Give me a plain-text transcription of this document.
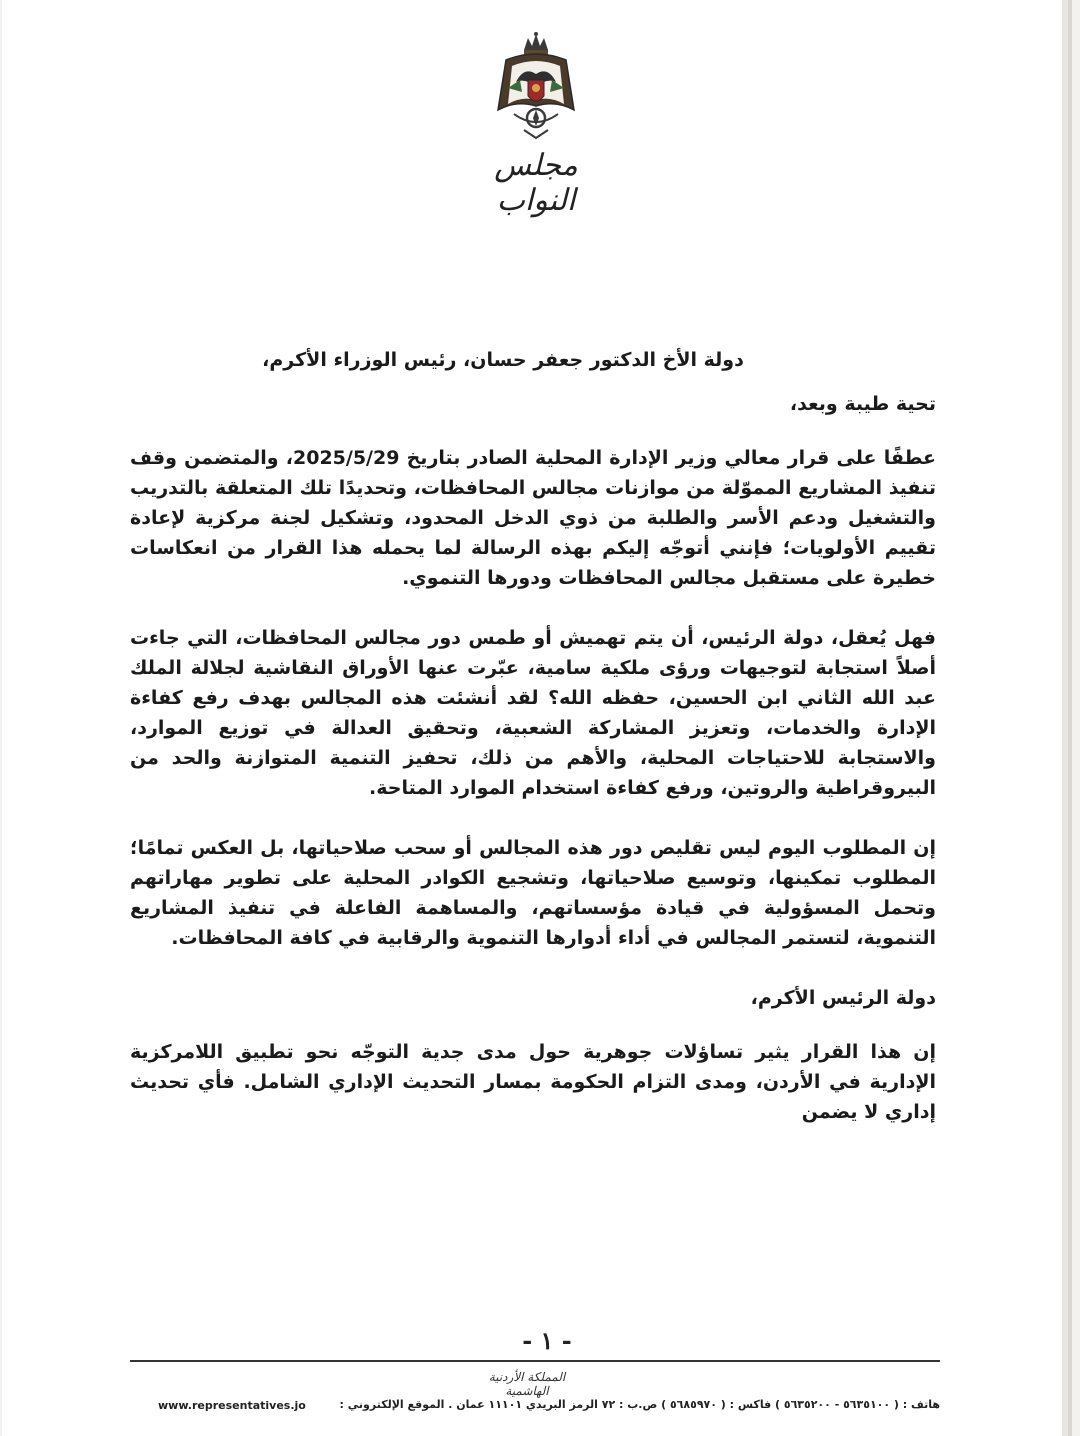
مجلس النواب

دولة الأخ الدكتور جعفر حسان، رئيس الوزراء الأكرم،

تحية طيبة وبعد،

عطفًا على قرار معالي وزير الإدارة المحلية الصادر بتاريخ 2025/5/29، والمتضمن وقف تنفيذ المشاريع المموّلة من موازنات مجالس المحافظات، وتحديدًا تلك المتعلقة بالتدريب والتشغيل ودعم الأسر والطلبة من ذوي الدخل المحدود، وتشكيل لجنة مركزية لإعادة تقييم الأولويات؛ فإنني أتوجّه إليكم بهذه الرسالة لما يحمله هذا القرار من انعكاسات خطيرة على مستقبل مجالس المحافظات ودورها التنموي.

فهل يُعقل، دولة الرئيس، أن يتم تهميش أو طمس دور مجالس المحافظات، التي جاءت أصلاً استجابة لتوجيهات ورؤى ملكية سامية، عبّرت عنها الأوراق النقاشية لجلالة الملك عبد الله الثاني ابن الحسين، حفظه الله؟ لقد أنشئت هذه المجالس بهدف رفع كفاءة الإدارة والخدمات، وتعزيز المشاركة الشعبية، وتحقيق العدالة في توزيع الموارد، والاستجابة للاحتياجات المحلية، والأهم من ذلك، تحفيز التنمية المتوازنة والحد من البيروقراطية والروتين، ورفع كفاءة استخدام الموارد المتاحة.

إن المطلوب اليوم ليس تقليص دور هذه المجالس أو سحب صلاحياتها، بل العكس تمامًا؛ المطلوب تمكينها، وتوسيع صلاحياتها، وتشجيع الكوادر المحلية على تطوير مهاراتهم وتحمل المسؤولية في قيادة مؤسساتهم، والمساهمة الفاعلة في تنفيذ المشاريع التنموية، لتستمر المجالس في أداء أدوارها التنموية والرقابية في كافة المحافظات.

دولة الرئيس الأكرم،

إن هذا القرار يثير تساؤلات جوهرية حول مدى جدية التوجّه نحو تطبيق اللامركزية الإدارية في الأردن، ومدى التزام الحكومة بمسار التحديث الإداري الشامل. فأي تحديث إداري لا يضمن

- ١ -
المملكة الأردنية الهاشمية
هاتف : ( ٥٦٣٥١٠٠ - ٥٦٣٥٢٠٠ ) فاكس : ( ٥٦٨٥٩٧٠ ) ص.ب : ٧٢ الرمز البريدي ١١١٠١ عمان . الموقع الإلكتروني :
www.representatives.jo
